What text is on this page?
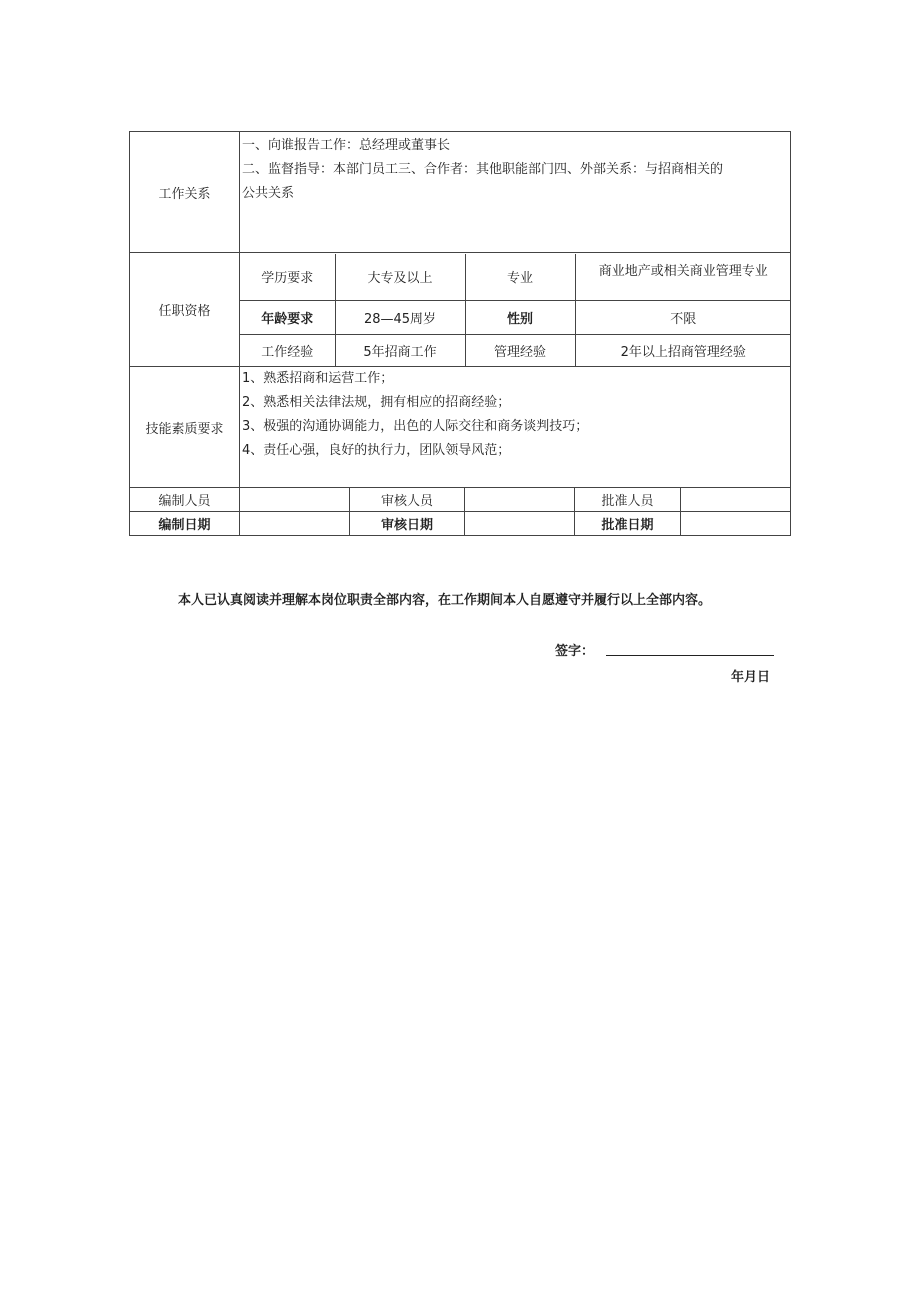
工作关系	
一、向谁报告工作：总经理或董事长
二、监督指导：本部门员工三、合作者：其他职能部门四、外部关系：与招商相关的
公共关系

任职资格	
学历要求	大专及以上	专业	商业地产或相关商业管理专业
年龄要求	28—45周岁	性别	不限
工作经验	5年招商工作	管理经验	2年以上招商管理经验

技能素质要求	
1、熟悉招商和运营工作；
2、熟悉相关法律法规，拥有相应的招商经验；
3、极强的沟通协调能力，出色的人际交往和商务谈判技巧；
4、责任心强，良好的执行力，团队领导风范；

编制人员		审核人员		批准人员	
编制日期		审核日期		批准日期	
本人已认真阅读并理解本岗位职责全部内容，在工作期间本人自愿遵守并履行以上全部内容。
签字：
年月日
